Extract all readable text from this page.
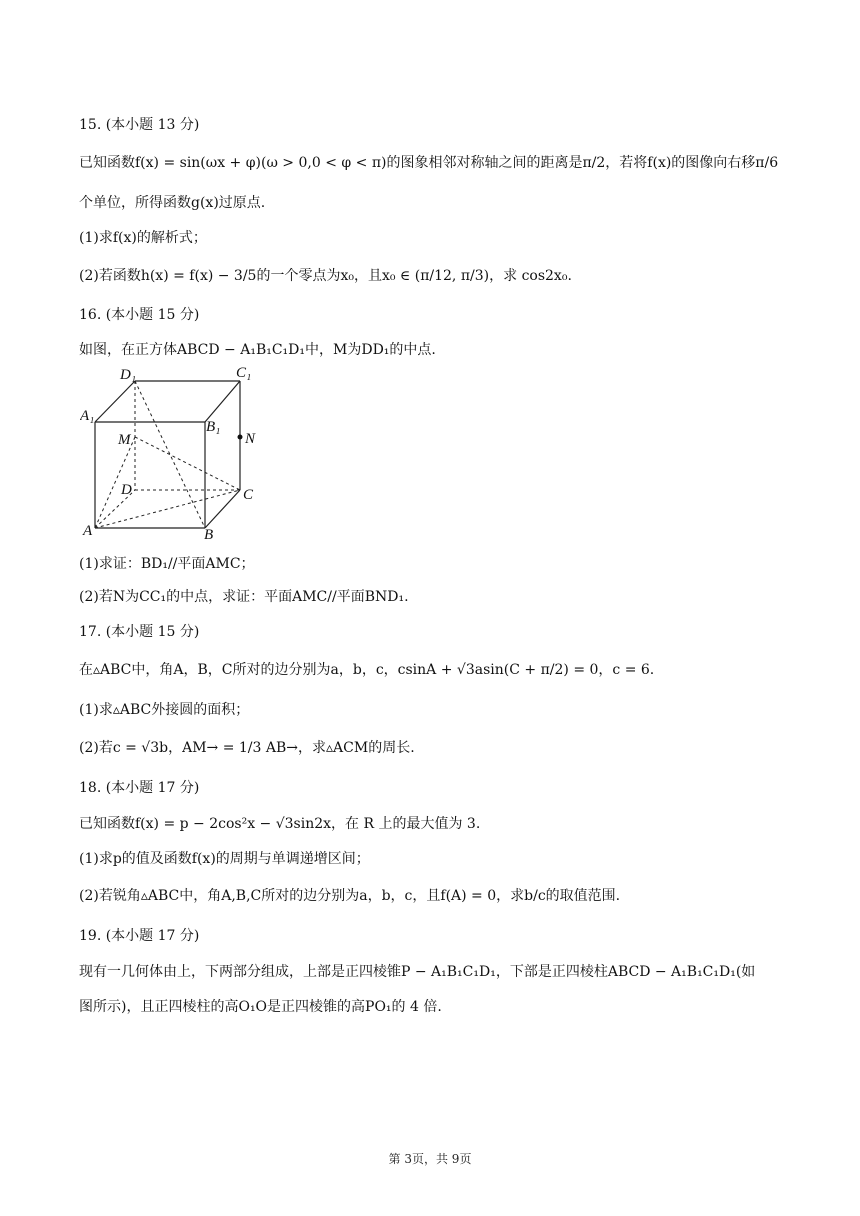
15. (本小题 13 分)
已知函数f(x) = sin(ωx + φ)(ω > 0,0 < φ < π)的图象相邻对称轴之间的距离是π/2，若将f(x)的图像向右移π/6
个单位，所得函数g(x)过原点.
(1)求f(x)的解析式；
(2)若函数h(x) = f(x) − 3/5的一个零点为x₀，且x₀ ∈ (π/12, π/3)，求 cos2x₀.
16. (本小题 15 分)
如图，在正方体ABCD − A₁B₁C₁D₁中，M为DD₁的中点.
D₁	C₁
A₁
B₁
M	N
D	C
A	B
(1)求证：BD₁//平面AMC；
(2)若N为CC₁的中点，求证：平面AMC//平面BND₁.
17. (本小题 15 分)
在▵ABC中，角A，B，C所对的边分别为a，b，c，csinA + √3asin(C + π/2) = 0，c = 6.
(1)求▵ABC外接圆的面积；
(2)若c = √3b，AM→ = 1/3 AB→，求▵ACM的周长.
18. (本小题 17 分)
已知函数f(x) = p − 2cos²x − √3sin2x，在 R 上的最大值为 3.
(1)求p的值及函数f(x)的周期与单调递增区间；
(2)若锐角▵ABC中，角A,B,C所对的边分别为a，b，c，且f(A) = 0，求b/c的取值范围.
19. (本小题 17 分)
现有一几何体由上，下两部分组成，上部是正四棱锥P − A₁B₁C₁D₁，下部是正四棱柱ABCD − A₁B₁C₁D₁(如
图所示)，且正四棱柱的高O₁O是正四棱锥的高PO₁的 4 倍.
第 3页，共 9页
